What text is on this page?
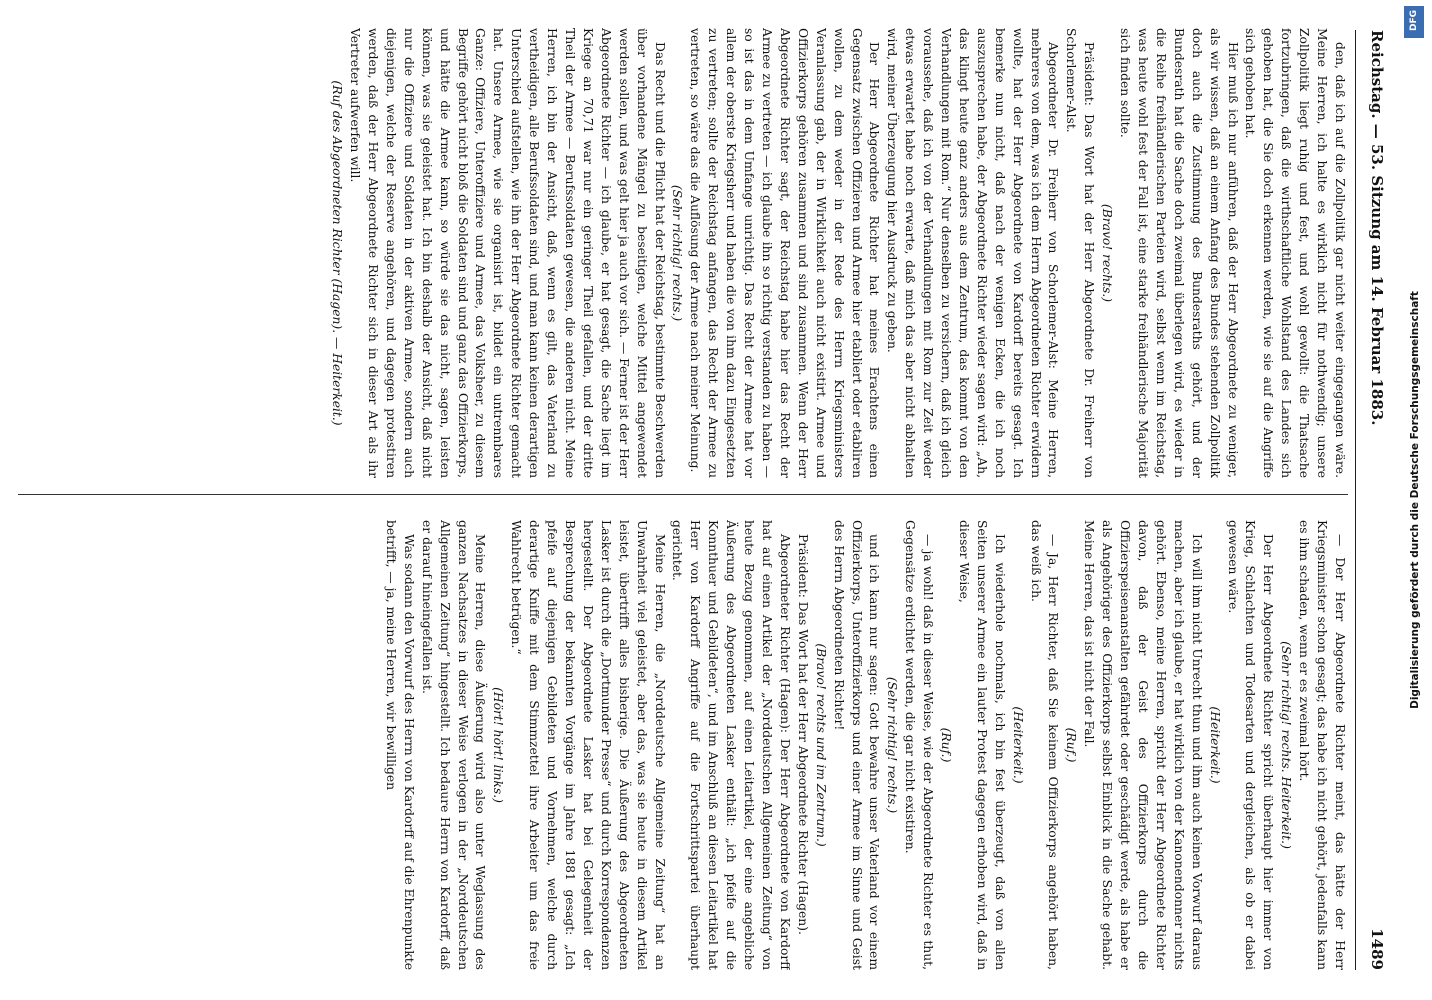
Reichstag. — 53. Sitzung am 14. Februar 1883.
1489

den, daß ich auf die Zollpolitik gar nicht weiter eingegangen wäre. Meine Herren, ich halte es wirklich nicht für nothwendig; unsere Zollpolitik liegt ruhig und fest, und wohl gewollt: die Thatsache fortzubringen, daß die wirthschaftliche Wohlstand des Landes sich gehoben hat, die Sie doch erkennen werden, wie sie auf die Angriffe sich gehoben hat.

Hier muß ich nur anführen, daß der Herr Abgeordnete zu weniger, als wir wissen, daß an einem Anfang des Bundes stehenden Zollpolitik doch auch die Zustimmung des Bundesraths gehört, und der Bundesrath hat die Sache doch zweimal überlegen wird, es wieder in die Reihe freihändlerischen Parteien wird, selbst wenn im Reichstag, was heute wohl fest der Fall ist, eine starke freihändlerische Majorität sich finden sollte.

(Bravo! rechts.)

Präsident: Das Wort hat der Herr Abgeordnete Dr. Freiherr von Schorlemer-Alst.

Abgeordneter Dr. Freiherr von Schorlemer-Alst: Meine Herren, mehreres von dem, was ich dem Herrn Abgeordneten Richter erwidern wollte, hat der Herr Abgeordnete von Kardorff bereits gesagt. Ich bemerke nun nicht, daß nach der wenigen Ecken, die ich noch auszusprechen habe, der Abgeordnete Richter wieder sagen wird: „Ah, das klingt heute ganz anders aus dem Zentrum, das kommt von den Verhandlungen mit Rom.“ Nur denselben zu versichern, daß ich gleich voraussehe, daß ich von der Verhandlungen mit Rom zur Zeit weder etwas erwartet habe noch erwarte, daß mich das aber nicht abhalten wird, meiner Überzeugung hier Ausdruck zu geben.

Der Herr Abgeordnete Richter hat meines Erachtens einen Gegensatz zwischen Offizieren und Armee hier etabliert oder etabliren wollen, zu dem weder in der Rede des Herrn Kriegsministers Veranlassung gab, der in Wirklichkeit auch nicht existirt. Armee und Offizierkorps gehören zusammen und sind zusammen. Wenn der Herr Abgeordnete Richter sagt, der Reichstag habe hier das Recht der Armee zu vertreten — ich glaube ihn so richtig verstanden zu haben — so ist das in dem Umfange unrichtig. Das Recht der Armee hat vor allem der oberste Kriegsherr und haben die von ihm dazu Eingesetzten zu vertreten; sollte der Reichstag anfangen, das Recht der Armee zu vertreten, so wäre das die Auflösung der Armee nach meiner Meinung.

(Sehr richtig! rechts.)

Das Recht und die Pflicht hat der Reichstag, bestimmte Beschwerden über vorhandene Mängel zu beseitigen, welche Mittel angewendet werden sollen, und was gelt hier ja auch vor sich. — Ferner ist der Herr Abgeordnete Richter — ich glaube, er hat gesagt, die Sache liegt im Kriege an 70,71 war nur ein geringer Theil gefallen, und der dritte Theil der Armee — Berufssoldaten gewesen, die anderen nicht. Meine Herren, ich bin der Ansicht, daß, wenn es gilt, das Vaterland zu vertheidigen, alle Berufssoldaten sind, und man kann keinen derartigen Unterschied aufstellen, wie ihn der Herr Abgeordnete Richter gemacht hat. Unsere Armee, wie sie organisirt ist, bildet ein untrennbares Ganze: Offiziere, Unteroffiziere und Armee, das Volksheer, zu diesem Begriffe gehört nicht bloß die Soldaten sind und ganz das Offizierkorps, und hätte die Armee kann, so würde sie das nicht, sagen, leisten können, was sie geleistet hat. Ich bin deshalb der Ansicht, daß nicht nur die Offiziere und Soldaten in der aktiven Armee, sondern auch diejenigen, welche der Reserve angehören, und dagegen protestiren werden, daß der Herr Abgeordnete Richter sich in dieser Art als ihr Vertreter aufwerfen will.

(Ruf des Abgeordneten Richter (Hagen). — Heiterkeit.)

— Der Herr Abgeordnete Richter meint, das hätte der Herr Kriegsminister schon gesagt; das habe ich nicht gehört, jedenfalls kann es ihm schaden, wenn er es zweimal hört.

(Sehr richtig! rechts. Heiterkeit.)

Der Herr Abgeordnete Richter spricht überhaupt hier immer von Krieg, Schlachten und Todesarten und dergleichen, als ob er dabei gewesen wäre.

(Heiterkeit.)

Ich will ihm nicht Unrecht thun und ihm auch keinen Vorwurf daraus machen, aber ich glaube, er hat wirklich von der Kanonendonner nichts gehört. Ebenso, meine Herren, spricht der Herr Abgeordnete Richter davon, daß der Geist des Offizierkorps durch die Offizierspeisenanstalten gefährdet oder geschädigt werde, als habe er als Angehöriger des Offizierkorps selbst Einblick in die Sache gehabt. Meine Herren, das ist nicht der Fall.

(Ruf.)

— Ja, Herr Richter, daß Sie keinem Offizierkorps angehört haben, das weiß ich.

(Heiterkeit.)

Ich wiederhole nochmals, ich bin fest überzeugt, daß von allen Seiten unserer Armee ein lauter Protest dagegen erhoben wird, daß in dieser Weise,

(Ruf.)

— ja wohl! daß in dieser Weise, wie der Abgeordnete Richter es thut, Gegensätze erdichtet werden, die gar nicht existiren.

(Sehr richtig! rechts.)

und ich kann nur sagen: Gott bewahre unser Vaterland vor einem Offizierkorps, Unteroffizierkorps und einer Armee im Sinne und Geist des Herrn Abgeordneten Richter!

(Bravo! rechts und im Zentrum.)

Präsident: Das Wort hat der Herr Abgeordnete Richter (Hagen).

Abgeordneter Richter (Hagen): Der Herr Abgeordnete von Kardorff hat auf einen Artikel der „Norddeutschen Allgemeinen Zeitung“ von heute Bezug genommen, auf einen Leitartikel, der eine angebliche Äußerung des Abgeordneten Lasker enthält: „ich pfeife auf die Konnthuer und Gebildeten“, und im Anschluß an diesen Leitartikel hat Herr von Kardorff Angriffe auf die Fortschrittspartei überhaupt gerichtet.

Meine Herren, die „Norddeutsche Allgemeine Zeitung“ hat an Unwahrheit viel geleistet, aber das, was sie heute in diesem Artikel leistet, übertrifft alles bisherige. Die Äußerung des Abgeordneten Lasker ist durch die „Dortmunder Presse“ und durch Korrespondenzen hergestellt. Der Abgeordnete Lasker hat bei Gelegenheit der Besprechung der bekannten Vorgänge im Jahre 1881 gesagt: „Ich pfeife auf diejenigen Gebildeten und Vornehmen, welche durch derartige Kniffe mit dem Stimmzettel ihre Arbeiter um das freie Wahlrecht betrügen.“

(Hört! hört! links.)

Meine Herren, diese Äußerung wird also unter Weglassung des ganzen Nachsatzes in dieser Weise verlogen in der „Norddeutschen Allgemeinen Zeitung“ hingestellt. Ich bedaure Herrn von Kardorff, daß er darauf hineingefallen ist.

Was sodann den Vorwurf des Herrn von Kardorff auf die Ehrenpunkte betrifft, — ja, meine Herren, wir bewilligen

DFG
Digitalisierung gefördert durch die Deutsche Forschungsgemeinschaft
